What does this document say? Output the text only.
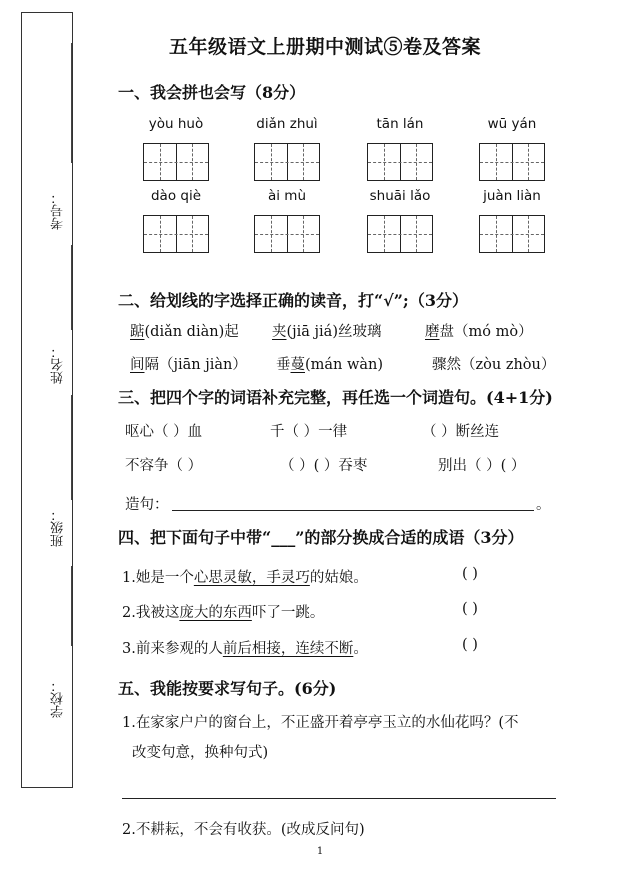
考号：
姓名：
班级：
学校：
五年级语文上册期中测试⑤卷及答案
一、我会拼也会写（8分）
yòu huò	diǎn zhuì	tān lán	wū yán
dào qiè	ài mù	shuāi lǎo	juàn liàn
二、给划线的字选择正确的读音，打“√”;（3分）
踮(diǎn diàn)起 夹(jiā jiá)丝玻璃	磨盘（mó mò）
间隔（jiān jiàn） 垂蔓(mán wàn)	骤然（zòu zhòu）
三、把四个字的词语补充完整，再任选一个词造句。(4+1分)
呕心（ ）血	千（ ）一律	（ ）断丝连
不容争（ ）	（ ）( ）吞枣	别出（ ）( ）
造句：	。
四、把下面句子中带“___”的部分换成合适的成语（3分）
1.她是一个心思灵敏，手灵巧的姑娘。	( )
2.我被这庞大的东西吓了一跳。	( )
3.前来参观的人前后相接，连续不断。	( )
五、我能按要求写句子。(6分)
1.在家家户户的窗台上，不正盛开着亭亭玉立的水仙花吗？(不
改变句意，换种句式)
2.不耕耘，不会有收获。(改成反问句)
1
